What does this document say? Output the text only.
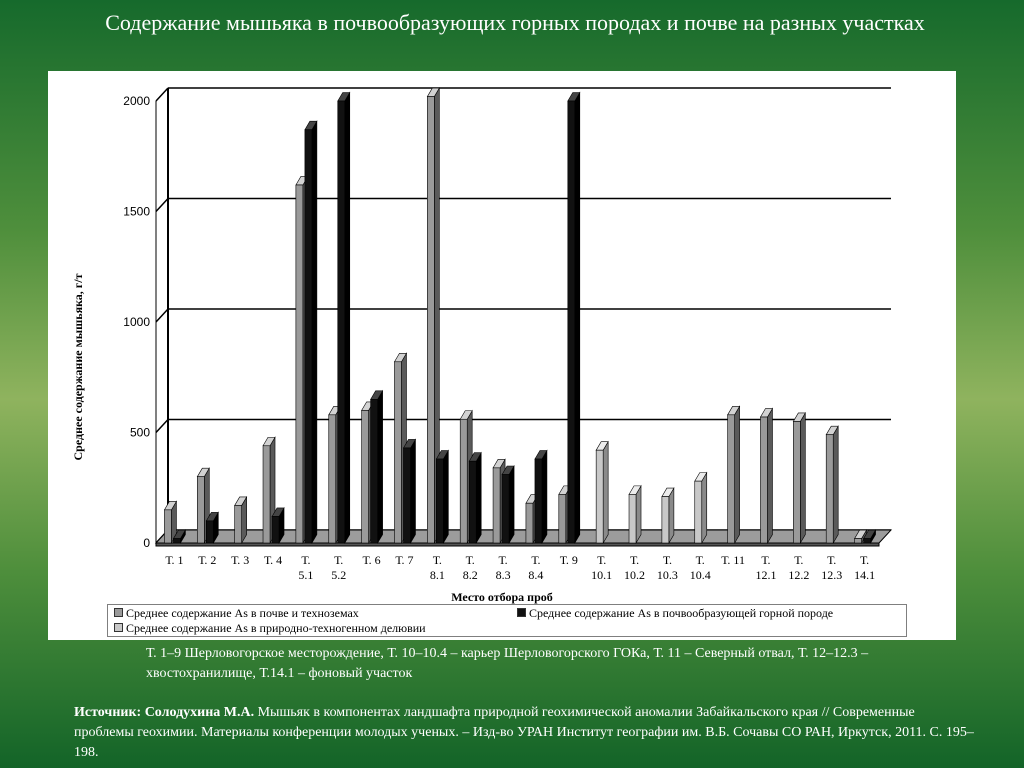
Содержание мышьяка в почвообразующих горных породах и почве на разных участках
0
500
1000
1500
2000
Т. 1 Т. 2 Т. 3 Т. 4 Т.
5.1
Т.
5.2
Т. 6 Т. 7 Т.
8.1
Т.
8.2
Т.
8.3
Т.
8.4
Т. 9 Т.
10.1
Т.
10.2
Т.
10.3
Т.
10.4
Т. 11 Т.
12.1
Т.
12.2
Т.
12.3
Т.
14.1
Место отбора проб
Среднее содержание мышьяка, г/т
Среднее содержание As в почве и техноземах	Среднее содержание As в почвообразующей горной породе
Среднее содержание As в природно-техногенном делювии
Т. 1–9 Шерловогорское месторождение, Т. 10–10.4 – карьер Шерловогорского ГОКа, Т. 11 – Северный отвал, Т. 12–12.3 – хвостохранилище, Т.14.1 – фоновый участок
Источник: Солодухина М.А. Мышьяк в компонентах ландшафта природной геохимической аномалии Забайкальского края // Современные проблемы геохимии. Материалы конференции молодых ученых. – Изд-во УРАН Институт географии им. В.Б. Сочавы СО РАН, Иркутск, 2011. С. 195–198.
